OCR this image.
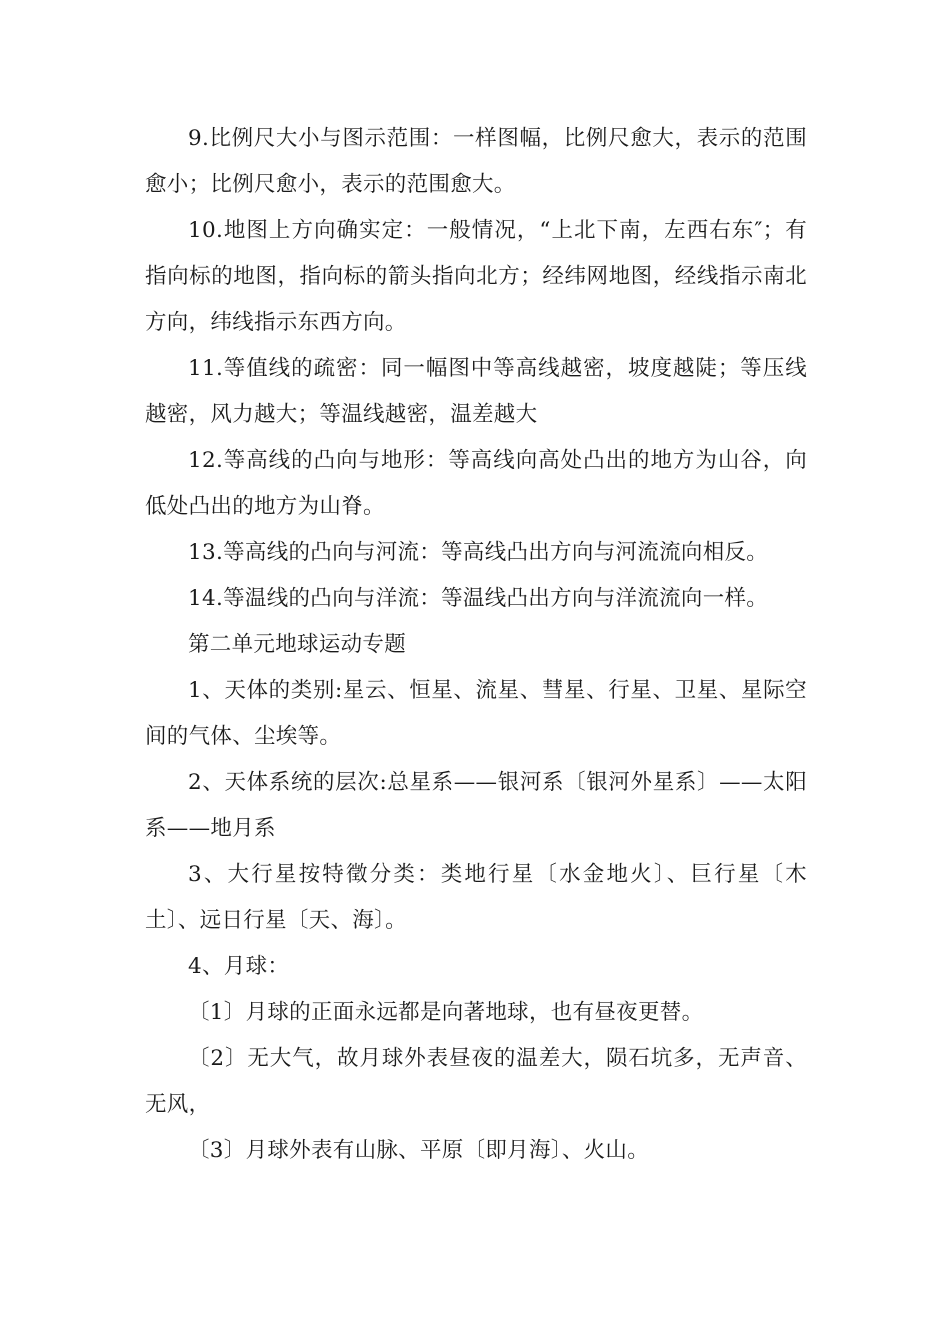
9.比例尺大小与图示范围：一样图幅，比例尺愈大，表示的范围愈小；比例尺愈小，表示的范围愈大。

10.地图上方向确实定：一般情况，“上北下南，左西右东″；有指向标的地图，指向标的箭头指向北方；经纬网地图，经线指示南北方向，纬线指示东西方向。

11.等值线的疏密：同一幅图中等高线越密，坡度越陡；等压线越密，风力越大；等温线越密，温差越大

12.等高线的凸向与地形：等高线向高处凸出的地方为山谷，向低处凸出的地方为山脊。

13.等高线的凸向与河流：等高线凸出方向与河流流向相反。

14.等温线的凸向与洋流：等温线凸出方向与洋流流向一样。

第二单元地球运动专题

1、天体的类别:星云、恒星、流星、彗星、行星、卫星、星际空间的气体、尘埃等。

2、天体系统的层次:总星系——银河系〔银河外星系〕——太阳系——地月系

3、大行星按特徵分类：类地行星〔水金地火〕、巨行星〔木土〕、远日行星〔天、海〕。

4、月球：

〔1〕月球的正面永远都是向著地球，也有昼夜更替。

〔2〕无大气，故月球外表昼夜的温差大，陨石坑多，无声音、无风，

〔3〕月球外表有山脉、平原〔即月海〕、火山。
